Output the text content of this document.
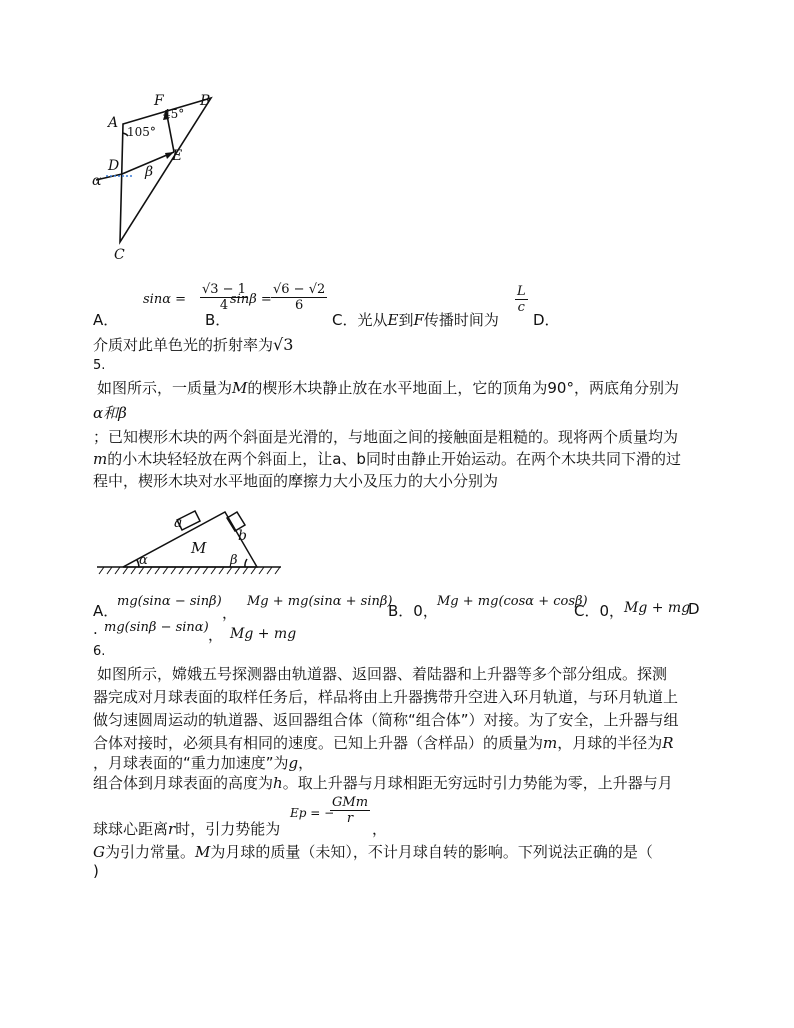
A
F	B
D
E
C
α
β
105°
45°
A．
$\sin\alpha = \frac{√3 - 1}{4}$
B．
$\sin\beta = \frac{√6 - √2}{6}$
C．光从E到F传播时间为
$\frac{L}{c}$
D．
介质对此单色光的折射率为√3
5.
如图所示，一质量为M的楔形木块静止放在水平地面上，它的顶角为90°，两底角分别为
α和β
；已知楔形木块的两个斜面是光滑的，与地面之间的接触面是粗糙的。现将两个质量均为
m的小木块轻轻放在两个斜面上，让a、b同时由静止开始运动。在两个木块共同下滑的过
程中，楔形木块对水平地面的摩擦力大小及压力的大小分别为
a
b
M
α	β
A．
mg(sinα − sinβ)
，
Mg + mg(sinα + sinβ)
B．0，
Mg + mg(cosα + cosβ)
C．0， Mg + mg
D
. mg(sinβ − sinα) ， Mg + mg
6.
如图所示，嫦娥五号探测器由轨道器、返回器、着陆器和上升器等多个部分组成。探测
器完成对月球表面的取样任务后，样品将由上升器携带升空进入环月轨道，与环月轨道上
做匀速圆周运动的轨道器、返回器组合体（简称“组合体”）对接。为了安全，上升器与组
合体对接时，必须具有相同的速度。已知上升器（含样品）的质量为m，月球的半径为R
，月球表面的“重力加速度”为g，
组合体到月球表面的高度为h。取上升器与月球相距无穷远时引力势能为零，上升器与月
Ep = −
GMm
r
球球心距离r时，引力势能为	，
G为引力常量。M为月球的质量（未知），不计月球自转的影响。下列说法正确的是（
)
